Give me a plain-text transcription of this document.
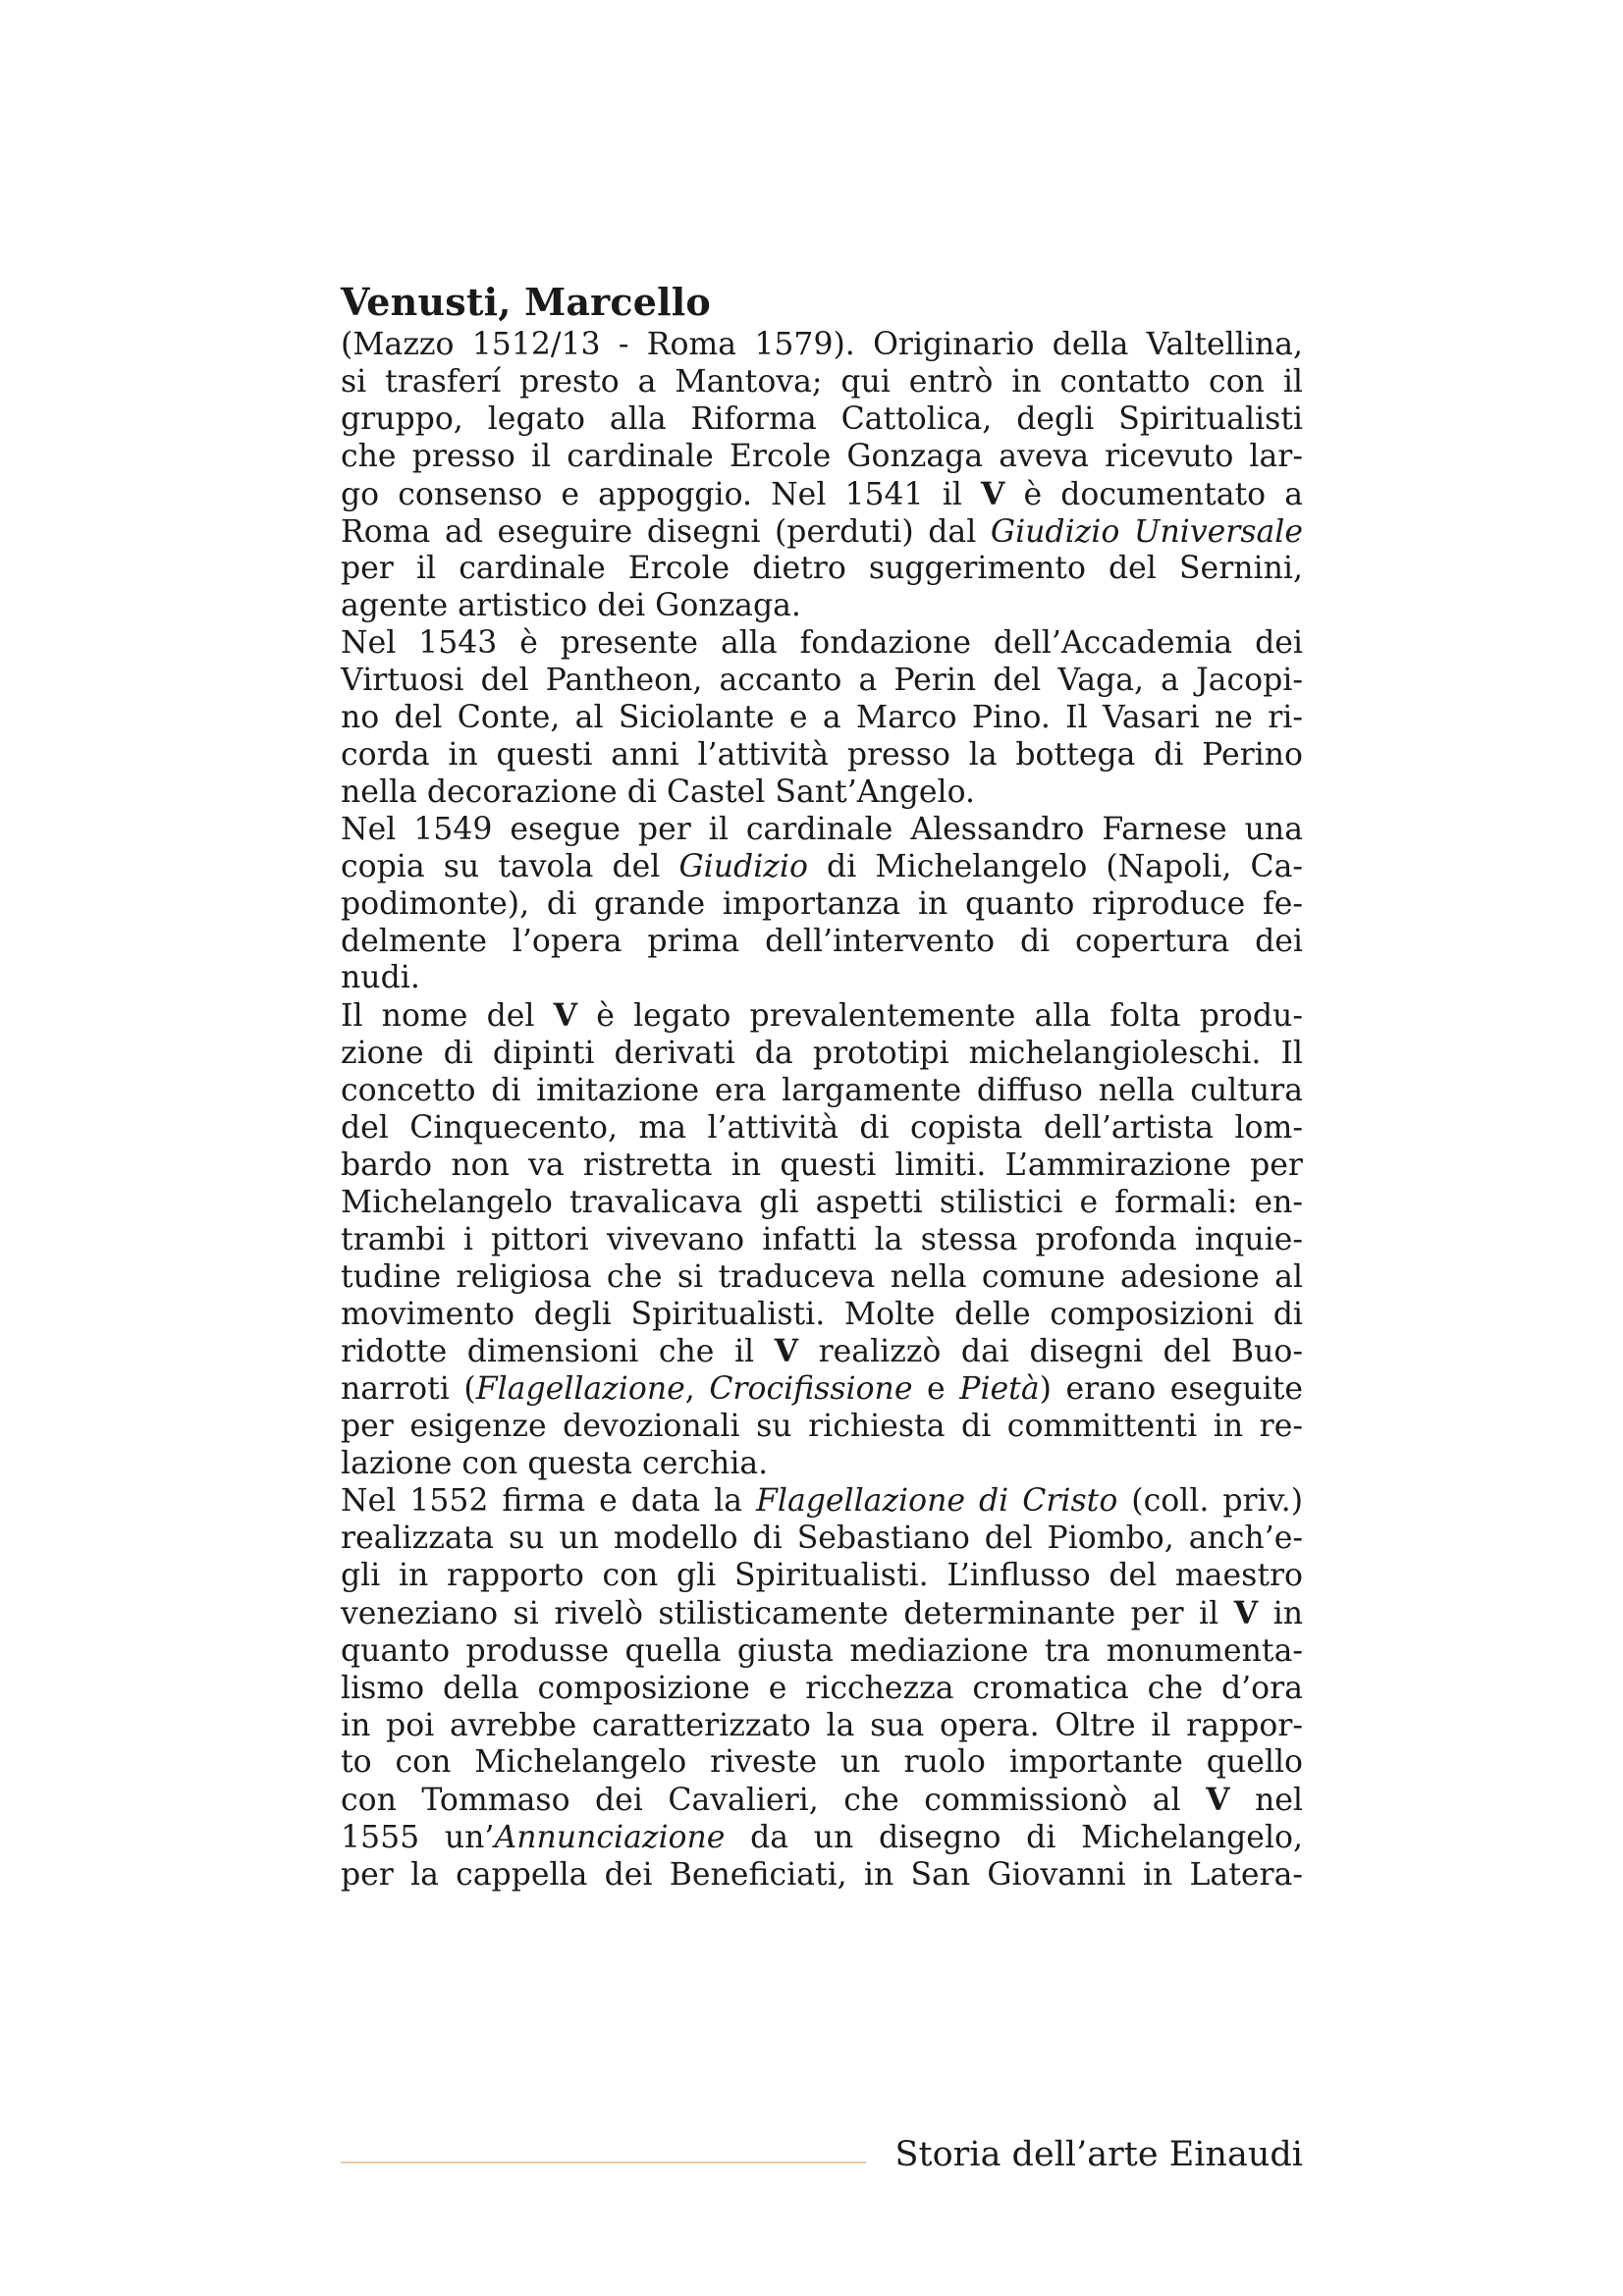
Venusti, Marcello
(Mazzo 1512/13 - Roma 1579). Originario della Valtellina,
si trasferí presto a Mantova; qui entrò in contatto con il
gruppo, legato alla Riforma Cattolica, degli Spiritualisti
che presso il cardinale Ercole Gonzaga aveva ricevuto lar-
go consenso e appoggio. Nel 1541 il V è documentato a
Roma ad eseguire disegni (perduti) dal Giudizio Universale
per il cardinale Ercole dietro suggerimento del Sernini,
agente artistico dei Gonzaga.
Nel 1543 è presente alla fondazione dell’Accademia dei
Virtuosi del Pantheon, accanto a Perin del Vaga, a Jacopi-
no del Conte, al Siciolante e a Marco Pino. Il Vasari ne ri-
corda in questi anni l’attività presso la bottega di Perino
nella decorazione di Castel Sant’Angelo.
Nel 1549 esegue per il cardinale Alessandro Farnese una
copia su tavola del Giudizio di Michelangelo (Napoli, Ca-
podimonte), di grande importanza in quanto riproduce fe-
delmente l’opera prima dell’intervento di copertura dei
nudi.
Il nome del V è legato prevalentemente alla folta produ-
zione di dipinti derivati da prototipi michelangioleschi. Il
concetto di imitazione era largamente diffuso nella cultura
del Cinquecento, ma l’attività di copista dell’artista lom-
bardo non va ristretta in questi limiti. L’ammirazione per
Michelangelo travalicava gli aspetti stilistici e formali: en-
trambi i pittori vivevano infatti la stessa profonda inquie-
tudine religiosa che si traduceva nella comune adesione al
movimento degli Spiritualisti. Molte delle composizioni di
ridotte dimensioni che il V realizzò dai disegni del Buo-
narroti (Flagellazione, Crocifissione e Pietà) erano eseguite
per esigenze devozionali su richiesta di committenti in re-
lazione con questa cerchia.
Nel 1552 firma e data la Flagellazione di Cristo (coll. priv.)
realizzata su un modello di Sebastiano del Piombo, anch’e-
gli in rapporto con gli Spiritualisti. L’influsso del maestro
veneziano si rivelò stilisticamente determinante per il V in
quanto produsse quella giusta mediazione tra monumenta-
lismo della composizione e ricchezza cromatica che d’ora
in poi avrebbe caratterizzato la sua opera. Oltre il rappor-
to con Michelangelo riveste un ruolo importante quello
con Tommaso dei Cavalieri, che commissionò al V nel
1555 un’Annunciazione da un disegno di Michelangelo,
per la cappella dei Beneficiati, in San Giovanni in Latera-
Storia dell’arte Einaudi
